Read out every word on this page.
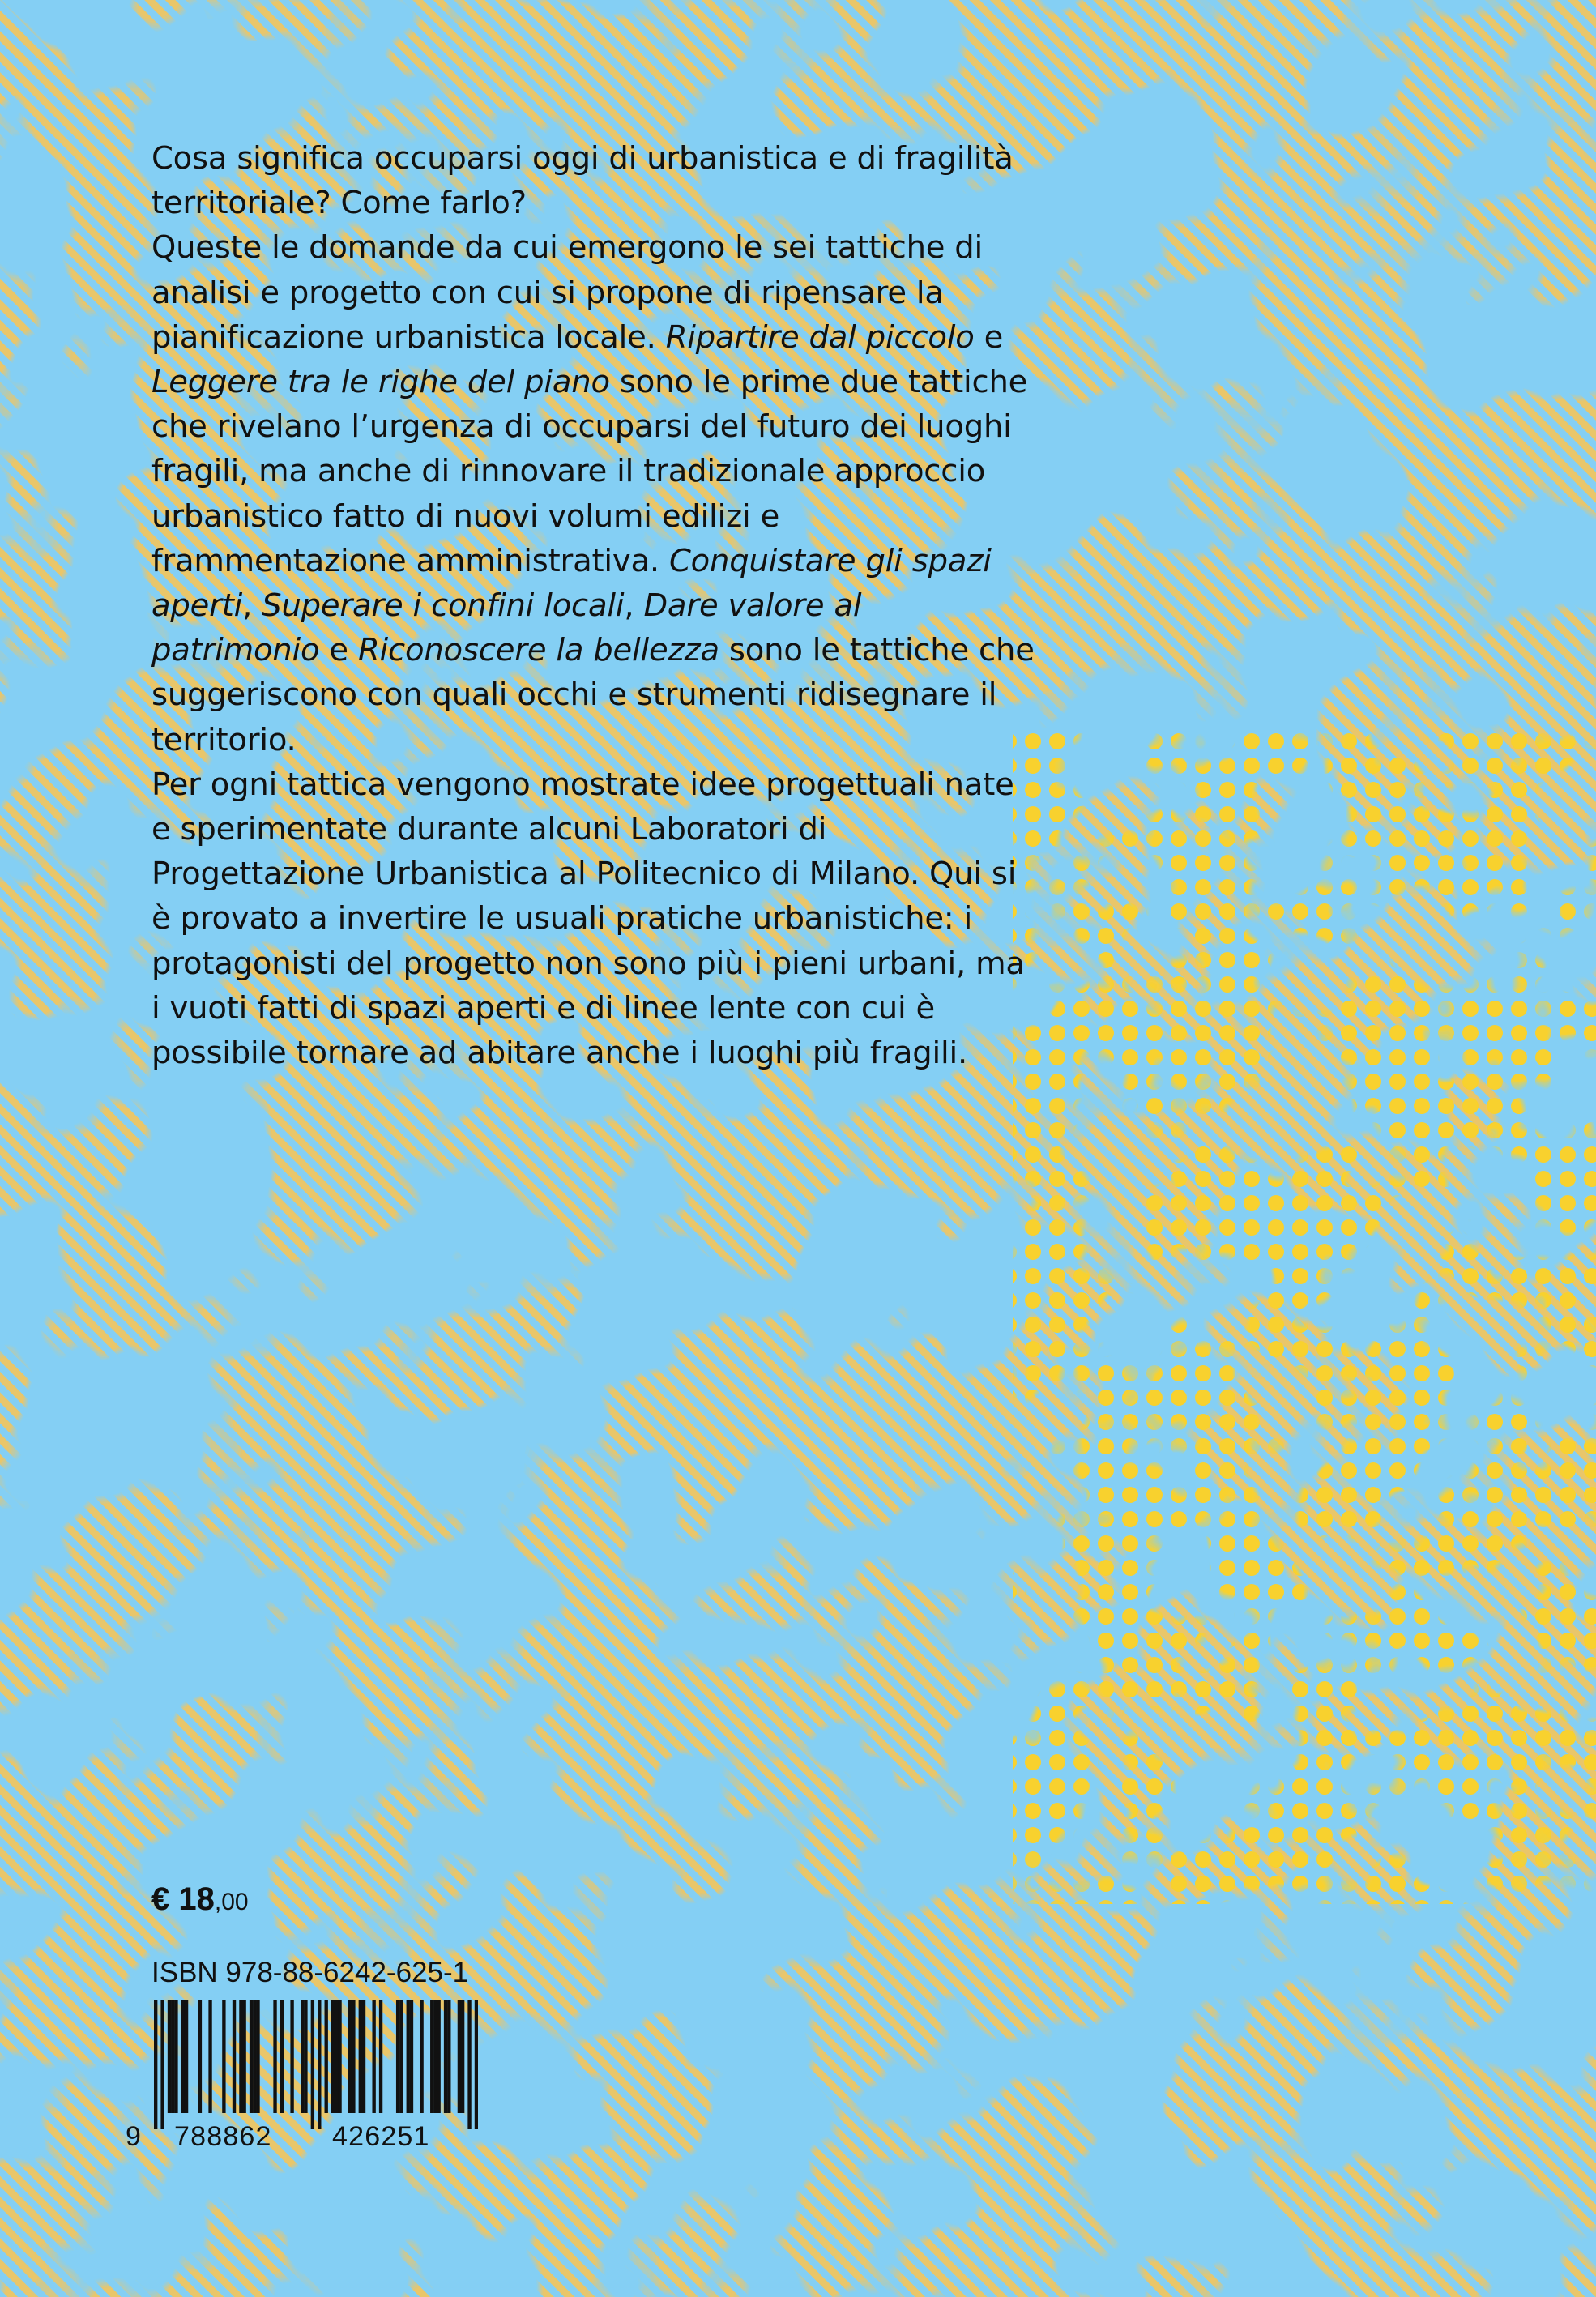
Cosa significa occuparsi oggi di urbanistica e di fragilità territoriale? Come farlo?

Queste le domande da cui emergono le sei tattiche di analisi e progetto con cui si propone di ripensare la pianificazione urbanistica locale. Ripartire dal piccolo e Leggere tra le righe del piano sono le prime due tattiche che rivelano l’urgenza di occuparsi del futuro dei luoghi fragili, ma anche di rinnovare il tradizionale approccio urbanistico fatto di nuovi volumi edilizi e frammentazione amministrativa. Conquistare gli spazi aperti, Superare i confini locali, Dare valore al patrimonio e Riconoscere la bellezza sono le tattiche che suggeriscono con quali occhi e strumenti ridisegnare il territorio.

Per ogni tattica vengono mostrate idee progettuali nate e sperimentate durante alcuni Laboratori di Progettazione Urbanistica al Politecnico di Milano. Qui si è provato a invertire le usuali pratiche urbanistiche: i protagonisti del progetto non sono più i pieni urbani, ma i vuoti fatti di spazi aperti e di linee lente con cui è possibile tornare ad abitare anche i luoghi più fragili.

€ 18,00
ISBN 978-88-6242-625-1
9 788862 426251
